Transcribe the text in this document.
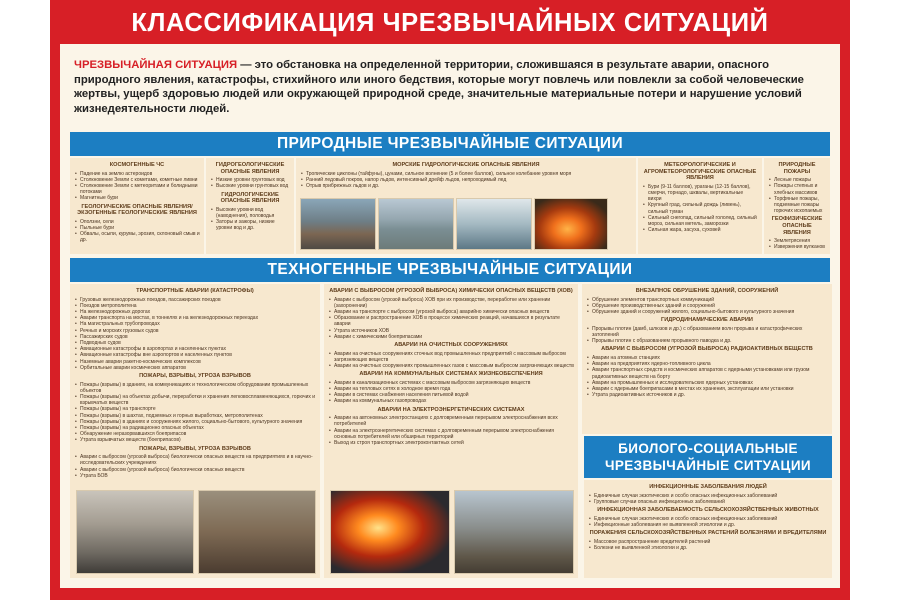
КЛАССИФИКАЦИЯ ЧРЕЗВЫЧАЙНЫХ СИТУАЦИЙ
ЧРЕЗВЫЧАЙНАЯ СИТУАЦИЯ — это обстановка на определенной территории, сложившаяся в результате аварии, опасного природного явления, катастрофы, стихийного или иного бедствия, которые могут повлечь или повлекли за собой человеческие жертвы, ущерб здоровью людей или окружающей природной среде, значительные материальные потери и нарушение условий жизнедеятельности людей.
ПРИРОДНЫЕ ЧРЕЗВЫЧАЙНЫЕ СИТУАЦИИ
КОСМОГЕННЫЕ ЧС
• Падение на землю астероидов
• Столкновение Земли с кометами, кометные ливни
• Столкновение Земли с метеоритами и болидными потоками
• Магнитные бури
ГЕОЛОГИЧЕСКИЕ ОПАСНЫЕ ЯВЛЕНИЯ/ ЭКЗОГЕННЫЕ ГЕОЛОГИЧЕСКИЕ ЯВЛЕНИЯ
• Оползни, сели
• Пыльные бури
• Обвалы, осыпи, курумы, эрозия, склоновый смыв и др.
ГИДРОГЕОЛОГИЧЕСКИЕ ОПАСНЫЕ ЯВЛЕНИЯ
• Низкие уровни грунтовых вод
• Высокие уровни грунтовых вод
ГИДРОЛОГИЧЕСКИЕ ОПАСНЫЕ ЯВЛЕНИЯ
• Высокие уровни вод (наводнения), половодья
• Заторы и зажоры, низкие уровни вод и др.
МОРСКИЕ ГИДРОЛОГИЧЕСКИЕ ОПАСНЫЕ ЯВЛЕНИЯ
• Тропические циклоны (тайфуны), цунами, сильное волнение (5 и более баллов), сильное колебание уровня моря
• Ранний ледовый покров, напор льдов, интенсивный дрейф льдов, непроходимый лед
• Отрыв прибрежных льдов и др.
МЕТЕОРОЛОГИЧЕСКИЕ И АГРОМЕТЕОРОЛОГИЧЕСКИЕ ОПАСНЫЕ ЯВЛЕНИЯ
• Бури (9-11 баллов), ураганы (12-15 баллов), смерчи, торнадо, шквалы, вертикальные вихри
• Крупный град, сильный дождь (ливень), сильный туман
• Сильный снегопад, сильный гололед, сильный мороз, сильная метель, заморозки
• Сильная жара, засуха, суховей
ПРИРОДНЫЕ ПОЖАРЫ
• Лесные пожары
• Пожары степных и хлебных массивов
• Торфяные пожары, подземные пожары горючих ископаемых
ГЕОФИЗИЧЕСКИЕ ОПАСНЫЕ ЯВЛЕНИЯ
• Землетрясения
• Извержения вулканов
ТЕХНОГЕННЫЕ ЧРЕЗВЫЧАЙНЫЕ СИТУАЦИИ
ТРАНСПОРТНЫЕ АВАРИИ (КАТАСТРОФЫ)
• Грузовых железнодорожных поездов, пассажирских поездов
• Поездов метрополитена
• На железнодорожных дорогах
• Аварии транспорта на мостах, в тоннелях и на железнодорожных переездах
• На магистральных трубопроводах
• Речных и морских грузовых судов
• Пассажирских судов
• Подводных судов
• Авиационные катастрофы в аэропортах и населенных пунктах
• Авиационные катастрофы вне аэропортов и населенных пунктов
• Наземные аварии ракетно-космических комплексов
• Орбитальные аварии космических аппаратов
ПОЖАРЫ, ВЗРЫВЫ, УГРОЗА ВЗРЫВОВ
• Пожары (взрывы) в зданиях, на коммуникациях и технологическом оборудовании промышленных объектов
• Пожары (взрывы) на объектах добычи, переработки и хранения легковоспламеняющихся, горючих и взрывчатых веществ
• Пожары (взрывы) на транспорте
• Пожары (взрывы) в шахтах, подземных и горных выработках, метрополитенах
• Пожары (взрывы) в зданиях и сооружениях жилого, социально-бытового, культурного значения
• Пожары (взрывы) на радиационно опасных объектах
• Обнаружение неразорвавшихся боеприпасов
• Утрата взрывчатых веществ (боеприпасов)
ПОЖАРЫ, ВЗРЫВЫ, УГРОЗА ВЗРЫВОВ
• Аварии с выбросом (угрозой выброса) биологически опасных веществ на предприятиях и в научно-исследовательских учреждениях
• Аварии с выбросом (угрозой выброса) биологически опасных веществ
• Утрата БОВ
АВАРИИ С ВЫБРОСОМ (УГРОЗОЙ ВЫБРОСА) ХИМИЧЕСКИ ОПАСНЫХ ВЕЩЕСТВ (ХОВ)
• Аварии с выбросом (угрозой выброса) ХОВ при их производстве, переработке или хранении (захоронении)
• Аварии на транспорте с выбросом (угрозой выброса) аварийно химически опасных веществ
• Образование и распространение ХОВ в процессе химических реакций, начавшихся в результате аварии
• Утрата источников ХОВ
• Аварии с химическими боеприпасами
АВАРИИ НА ОЧИСТНЫХ СООРУЖЕНИЯХ
• Аварии на очистных сооружениях сточных вод промышленных предприятий с массовым выбросом загрязняющих веществ
• Аварии на очистных сооружениях промышленных газов с массовым выбросом загрязняющих веществ
АВАРИИ НА КОММУНАЛЬНЫХ СИСТЕМАХ ЖИЗНЕОБЕСПЕЧЕНИЯ
• Аварии в канализационных системах с массовым выбросом загрязняющих веществ
• Аварии на тепловых сетях в холодное время года
• Аварии в системах снабжения населения питьевой водой
• Аварии на коммунальных газопроводах
АВАРИИ НА ЭЛЕКТРОЭНЕРГЕТИЧЕСКИХ СИСТЕМАХ
• Аварии на автономных электростанциях с долговременным перерывом электроснабжения всех потребителей
• Аварии на электроэнергетических системах с долговременным перерывом электроснабжения основных потребителей или обширных территорий
• Выход из строя транспортных электроконтактных сетей
ВНЕЗАПНОЕ ОБРУШЕНИЕ ЗДАНИЙ, СООРУЖЕНИЙ
• Обрушение элементов транспортных коммуникаций
• Обрушение производственных зданий и сооружений
• Обрушение зданий и сооружений жилого, социально-бытового и культурного значения
ГИДРОДИНАМИЧЕСКИЕ АВАРИИ
• Прорывы плотин (дамб, шлюзов и др.) с образованием волн прорыва и катастрофических затоплений
• Прорывы плотин с образованием прорывного паводка и др.
АВАРИИ С ВЫБРОСОМ (УГРОЗОЙ ВЫБРОСА) РАДИОАКТИВНЫХ ВЕЩЕСТВ
• Аварии на атомных станциях
• Аварии на предприятиях ядерно-топливного цикла
• Аварии транспортных средств и космических аппаратов с ядерными установками или грузом радиоактивных веществ на борту
• Аварии на промышленных и исследовательских ядерных установках
• Аварии с ядерными боеприпасами в местах их хранения, эксплуатации или установки
• Утрата радиоактивных источников и др.
БИОЛОГО-СОЦИАЛЬНЫЕ
ЧРЕЗВЫЧАЙНЫЕ СИТУАЦИИ
ИНФЕКЦИОННЫЕ ЗАБОЛЕВАНИЯ ЛЮДЕЙ
• Единичные случаи экзотических и особо опасных инфекционных заболеваний
• Групповые случаи опасных инфекционных заболеваний
ИНФЕКЦИОННАЯ ЗАБОЛЕВАЕМОСТЬ СЕЛЬСКОХОЗЯЙСТВЕННЫХ ЖИВОТНЫХ
• Единичные случаи экзотических и особо опасных инфекционных заболеваний
• Инфекционные заболевания не выявленной этиологии и др.
ПОРАЖЕНИЯ СЕЛЬСКОХОЗЯЙСТВЕННЫХ РАСТЕНИЙ БОЛЕЗНЯМИ И ВРЕДИТЕЛЯМИ
• Массовое распространение вредителей растений
• Болезни не выявленной этиологии и др.
